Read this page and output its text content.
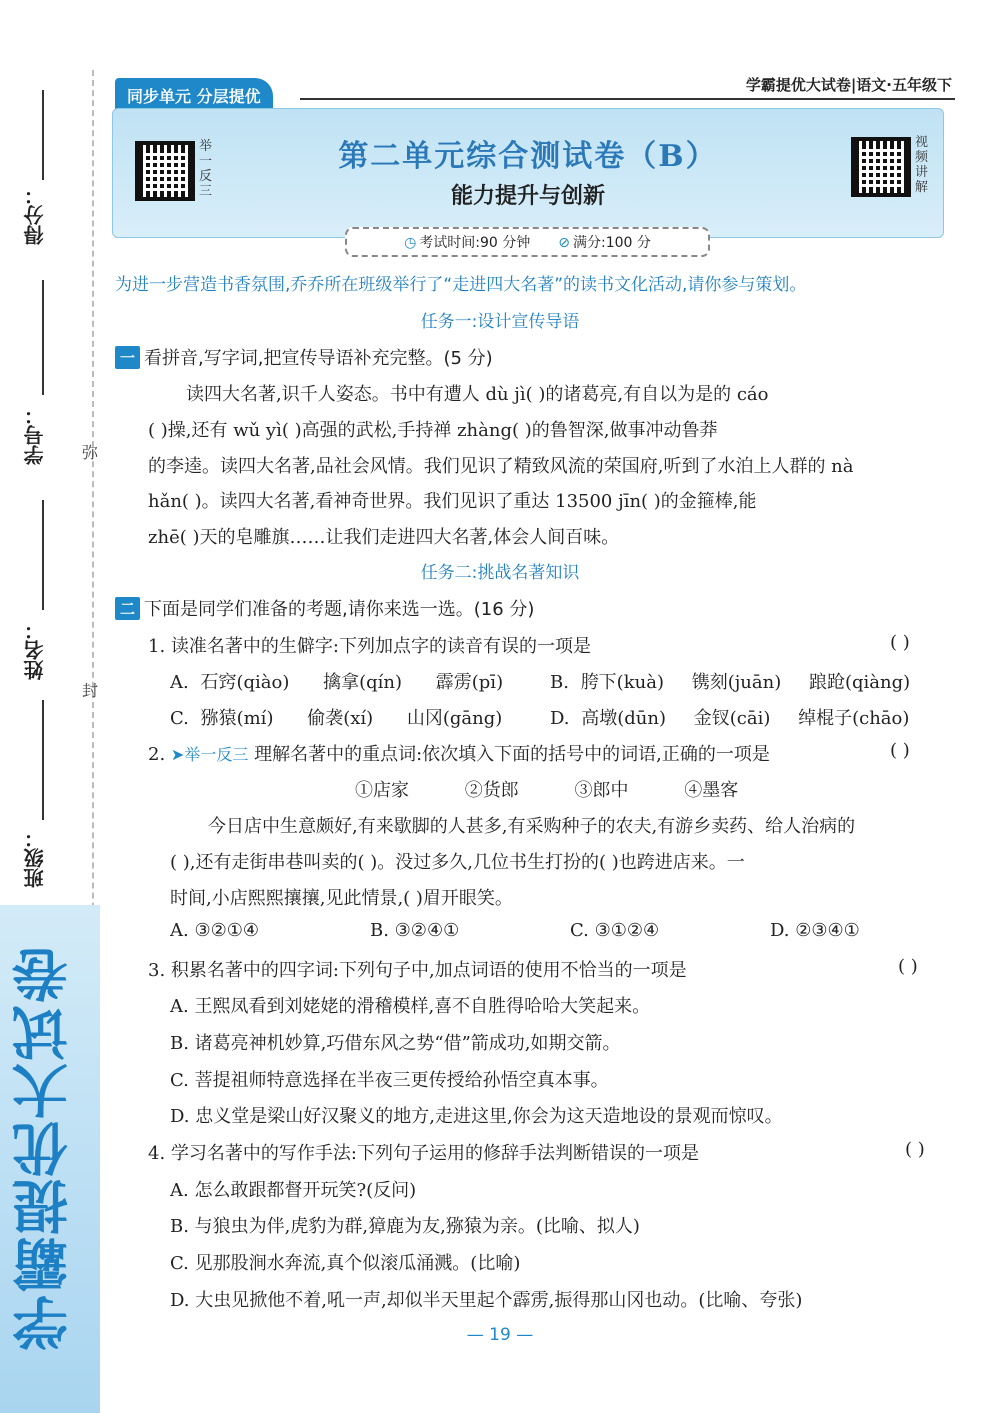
得分：
学号：
姓名：
班级：
弥
封
学霸提优大试卷
同步单元 分层提优
学霸提优大试卷|语文·五年级下
举一反三
第二单元综合测试卷（B）
能力提升与创新
视频讲解
◷ 考试时间:90 分钟 ⊘ 满分:100 分
为进一步营造书香氛围,乔乔所在班级举行了“走进四大名著”的读书文化活动,请你参与策划。
任务一:设计宣传导语
一 看拼音,写字词,把宣传导语补充完整。(5 分)
读四大名著,识千人姿态。书中有遭人 dù jì( )的诸葛亮,有自以为是的 cáo
( )操,还有 wǔ yì( )高强的武松,手持禅 zhàng( )的鲁智深,做事冲动鲁莽
的李逵。读四大名著,品社会风情。我们见识了精致风流的荣国府,听到了水泊上人群的 nà
hǎn( )。读四大名著,看神奇世界。我们见识了重达 13500 jīn( )的金箍棒,能
zhē( )天的皂雕旗……让我们走进四大名著,体会人间百味。
任务二:挑战名著知识
二 下面是同学们准备的考题,请你来选一选。(16 分)
1. 读准名著中的生僻字:下列加点字的读音有误的一项是	( )
A. 石窍(qiào) 擒拿(qín) 霹雳(pī)	B. 胯下(kuà) 镌刻(juān) 踉跄(qiàng)
C. 猕猿(mí) 偷袭(xí) 山冈(gāng)	D. 高墩(dūn) 金钗(cāi) 绰棍子(chāo)
2. ➤举一反三 理解名著中的重点词:依次填入下面的括号中的词语,正确的一项是	( )
①店家	②货郎	③郎中	④墨客
今日店中生意颇好,有来歇脚的人甚多,有采购种子的农夫,有游乡卖药、给人治病的
( ),还有走街串巷叫卖的( )。没过多久,几位书生打扮的( )也跨进店来。一
时间,小店熙熙攘攘,见此情景,( )眉开眼笑。
A. ③②①④	B. ③②④①	C. ③①②④	D. ②③④①
3. 积累名著中的四字词:下列句子中,加点词语的使用不恰当的一项是	( )
A. 王熙凤看到刘姥姥的滑稽模样,喜不自胜得哈哈大笑起来。
B. 诸葛亮神机妙算,巧借东风之势“借”箭成功,如期交箭。
C. 菩提祖师特意选择在半夜三更传授给孙悟空真本事。
D. 忠义堂是梁山好汉聚义的地方,走进这里,你会为这天造地设的景观而惊叹。
4. 学习名著中的写作手法:下列句子运用的修辞手法判断错误的一项是	( )
A. 怎么敢跟都督开玩笑?(反问)
B. 与狼虫为伴,虎豹为群,獐鹿为友,猕猿为亲。(比喻、拟人)
C. 见那股涧水奔流,真个似滚瓜涌溅。(比喻)
D. 大虫见掀他不着,吼一声,却似半天里起个霹雳,振得那山冈也动。(比喻、夸张)
— 19 —
